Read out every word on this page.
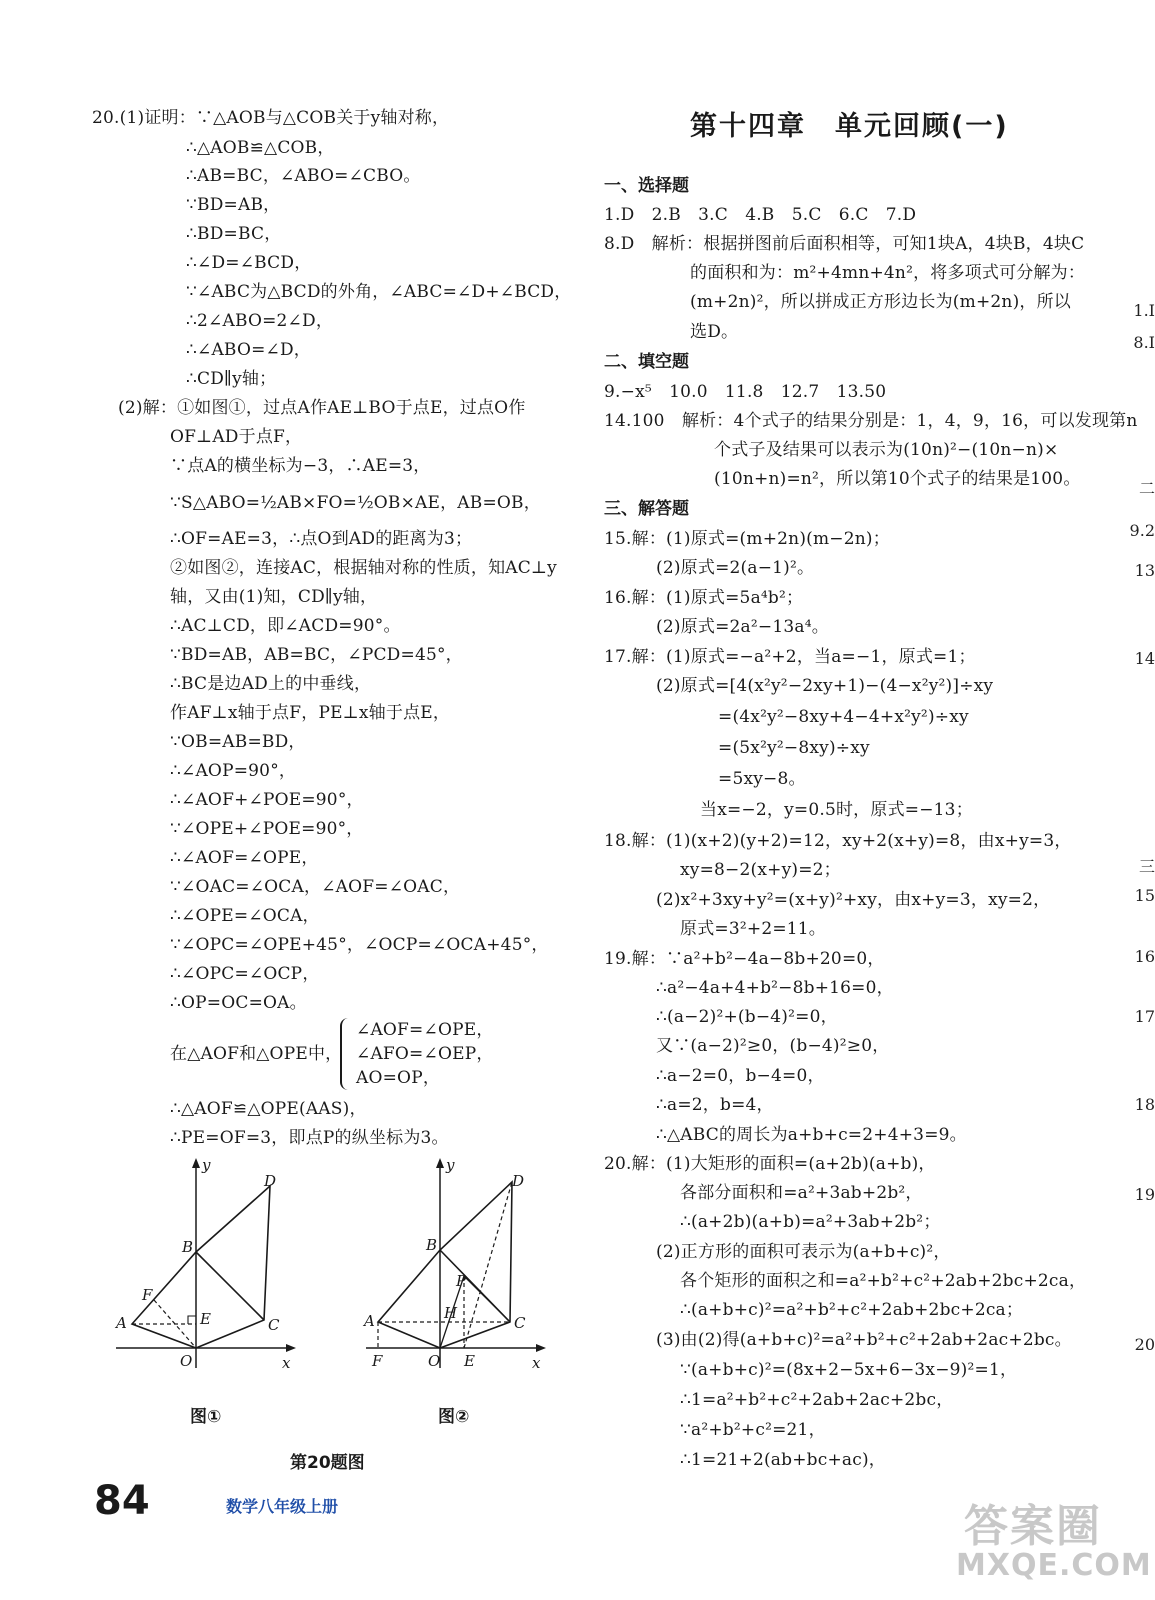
20.(1)证明：∵△AOB与△COB关于y轴对称，
∴△AOB≌△COB，
∴AB=BC，∠ABO=∠CBO。
∵BD=AB，
∴BD=BC，
∴∠D=∠BCD，
∵∠ABC为△BCD的外角，∠ABC=∠D+∠BCD，
∴2∠ABO=2∠D，
∴∠ABO=∠D，
∴CD∥y轴；
(2)解：①如图①，过点A作AE⊥BO于点E，过点O作
OF⊥AD于点F，
∵点A的横坐标为−3，∴AE=3，
∵S△ABO=½AB×FO=½OB×AE，AB=OB，
∴OF=AE=3，∴点O到AD的距离为3；
②如图②，连接AC，根据轴对称的性质，知AC⊥y
轴，又由(1)知，CD∥y轴，
∴AC⊥CD，即∠ACD=90°。
∵BD=AB，AB=BC，∠PCD=45°，
∴BC是边AD上的中垂线，
作AF⊥x轴于点F，PE⊥x轴于点E，
∵OB=AB=BD，
∴∠AOP=90°，
∴∠AOF+∠POE=90°，
∵∠OPE+∠POE=90°，
∴∠AOF=∠OPE，
∵∠OAC=∠OCA，∠AOF=∠OAC，
∴∠OPE=∠OCA，
∵∠OPC=∠OPE+45°，∠OCP=∠OCA+45°，
∴∠OPC=∠OCP，
∴OP=OC=OA。
在△AOF和△OPE中，
∠AOF=∠OPE，
∠AFO=∠OEP，
AO=OP，
∴△AOF≌△OPE(AAS)，
∴PE=OF=3，即点P的纵坐标为3。
y
x
D
B
F
A	E	C
O
y
x
D
B
P
H
A	C
F	O E
图①	图②
第20题图
第十四章　单元回顾(一)
一、选择题
1.D　2.B　3.C　4.B　5.C　6.C　7.D
8.D　解析：根据拼图前后面积相等，可知1块A，4块B，4块C
的面积和为：m²+4mn+4n²，将多项式可分解为：
(m+2n)²，所以拼成正方形边长为(m+2n)，所以
选D。
二、填空题
9.−x⁵　10.0　11.8　12.7　13.50
14.100　解析：4个式子的结果分别是：1，4，9，16，可以发现第n
个式子及结果可以表示为(10n)²−(10n−n)×
(10n+n)=n²，所以第10个式子的结果是100。
三、解答题
15.解：(1)原式=(m+2n)(m−2n)；
(2)原式=2(a−1)²。
16.解：(1)原式=5a⁴b²；
(2)原式=2a²−13a⁴。
17.解：(1)原式=−a²+2，当a=−1，原式=1；
(2)原式=[4(x²y²−2xy+1)−(4−x²y²)]÷xy
=(4x²y²−8xy+4−4+x²y²)÷xy
=(5x²y²−8xy)÷xy
=5xy−8。
当x=−2，y=0.5时，原式=−13；
18.解：(1)(x+2)(y+2)=12，xy+2(x+y)=8，由x+y=3，
xy=8−2(x+y)=2；
(2)x²+3xy+y²=(x+y)²+xy，由x+y=3，xy=2，
原式=3²+2=11。
19.解：∵a²+b²−4a−8b+20=0，
∴a²−4a+4+b²−8b+16=0，
∴(a−2)²+(b−4)²=0，
又∵(a−2)²≥0，(b−4)²≥0，
∴a−2=0，b−4=0，
∴a=2，b=4，
∴△ABC的周长为a+b+c=2+4+3=9。
20.解：(1)大矩形的面积=(a+2b)(a+b)，
各部分面积和=a²+3ab+2b²，
∴(a+2b)(a+b)=a²+3ab+2b²；
(2)正方形的面积可表示为(a+b+c)²，
各个矩形的面积之和=a²+b²+c²+2ab+2bc+2ca，
∴(a+b+c)²=a²+b²+c²+2ab+2bc+2ca；
(3)由(2)得(a+b+c)²=a²+b²+c²+2ab+2ac+2bc。
∵(a+b+c)²=(8x+2−5x+6−3x−9)²=1，
∴1=a²+b²+c²+2ab+2ac+2bc，
∵a²+b²+c²=21，
∴1=21+2(ab+bc+ac)，
1.I
8.I
二
9.2
13
14
三
15
16
17
18
19
20
84	数学八年级上册	答案圈
MXQE.COM
